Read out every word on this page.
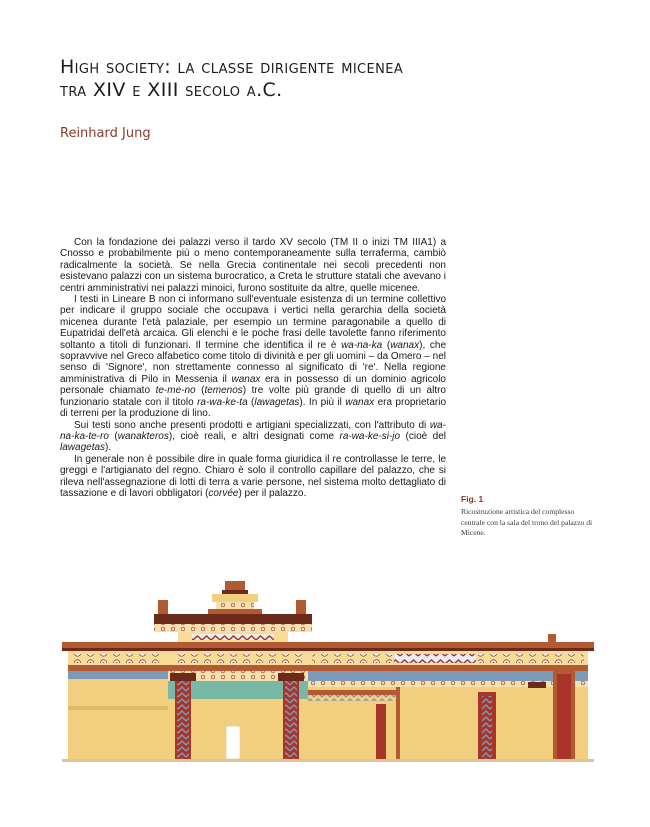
High society: la classe dirigente micenea
tra XIV e XIII secolo a.C.

Reinhard Jung

Con la fondazione dei palazzi verso il tardo XV secolo (TM II o inizi TM IIIA1) a Cnosso e probabilmente più o meno contemporaneamente sulla terraferma, cambiò radicalmente la società. Se nella Grecia continentale nei secoli precedenti non esistevano palazzi con un sistema burocratico, a Creta le strutture statali che avevano i centri amministrativi nei palazzi minoici, furono sostituite da altre, quelle micenee.

I testi in Lineare B non ci informano sull'eventuale esistenza di un termine collettivo per indicare il gruppo sociale che occupava i vertici nella gerarchia della società micenea durante l'età palaziale, per esempio un termine paragonabile a quello di Eupatridai dell'età arcaica. Gli elenchi e le poche frasi delle tavolette fanno riferimento soltanto a titoli di funzionari. Il termine che identifica il re è wa-na-ka (wanax), che sopravvive nel Greco alfabetico come titolo di divinità e per gli uomini – da Omero – nel senso di 'Signore', non strettamente connesso al significato di 're'. Nella regione amministrativa di Pilo in Messenia il wanax era in possesso di un dominio agricolo personale chiamato te-me-no (temenos) tre volte più grande di quello di un altro funzionario statale con il titolo ra-wa-ke-ta (lawagetas). In più il wanax era proprietario di terreni per la produzione di lino.

Sui testi sono anche presenti prodotti e artigiani specializzati, con l'attributo di wa-na-ka-te-ro (wanakteros), cioè reali, e altri designati come ra-wa-ke-si-jo (cioè del lawagetas).

In generale non è possibile dire in quale forma giuridica il re controllasse le terre, le greggi e l'artigianato del regno. Chiaro è solo il controllo capillare del palazzo, che si rileva nell'assegnazione di lotti di terra a varie persone, nel sistema molto dettagliato di tassazione e di lavori obbligatori (corvée) per il palazzo.

Fig. 1
Ricostruzione artistica del complesso centrale con la sala del trono del palazzo di Micene.
